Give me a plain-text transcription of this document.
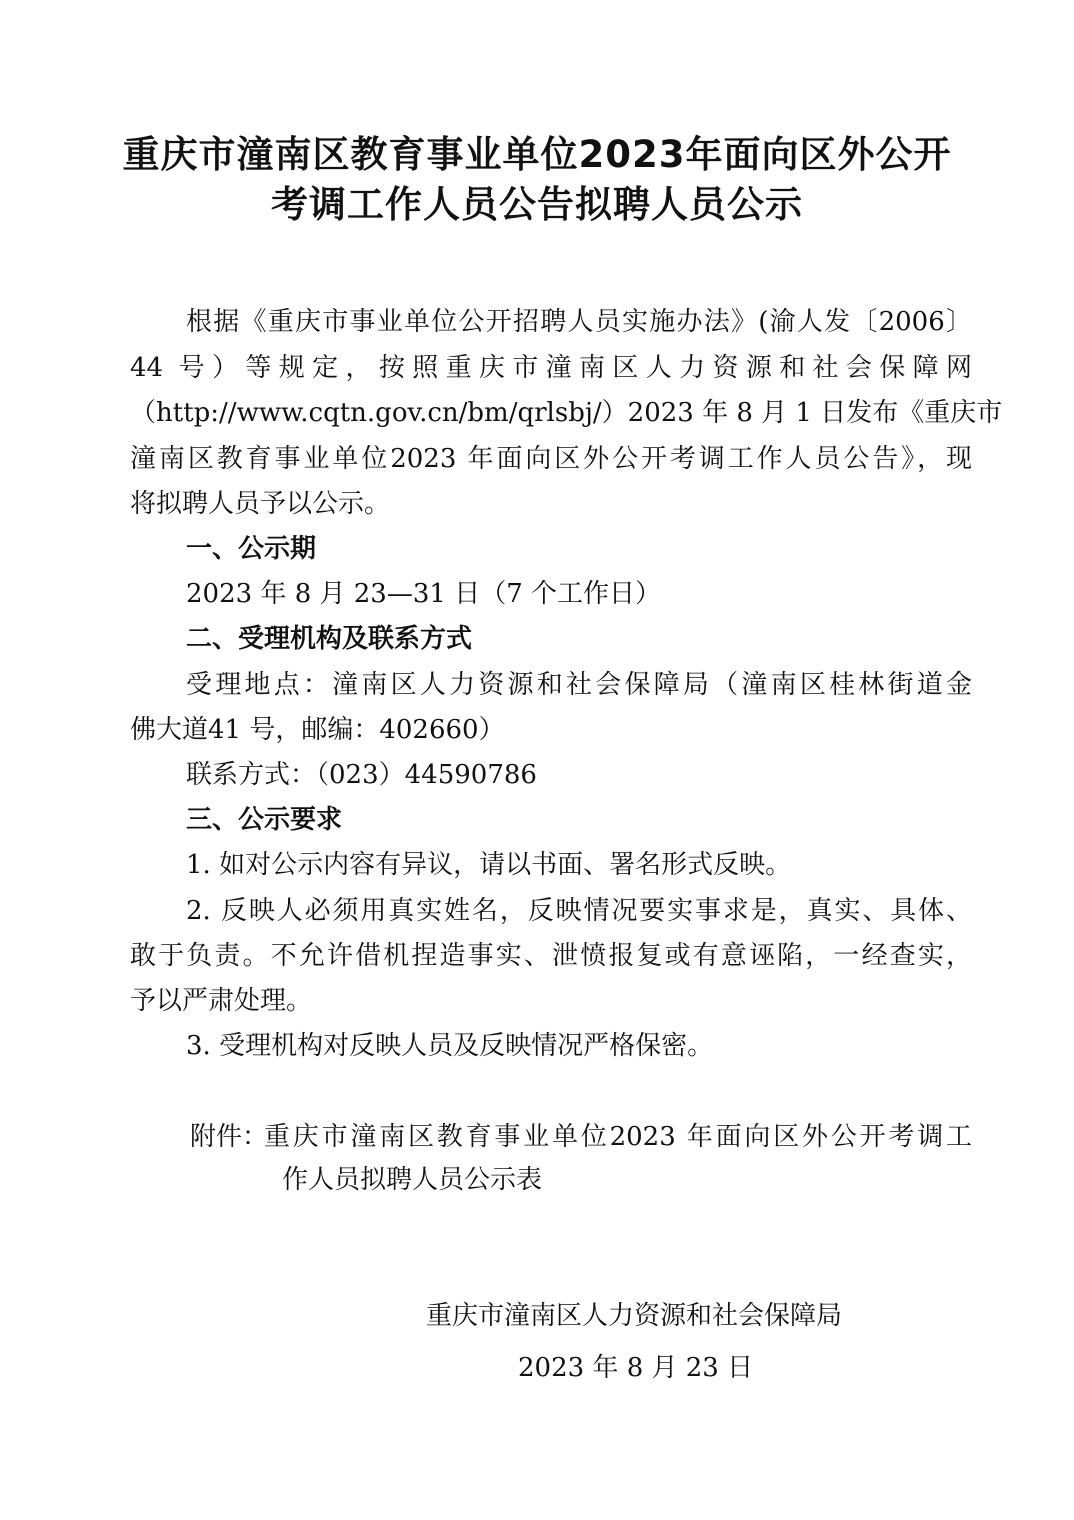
重庆市潼南区教育事业单位2023年面向区外公开
考调工作人员公告拟聘人员公示
根据《重庆市事业单位公开招聘人员实施办法》(渝人发〔2006〕
44 号）等规定，按照重庆市潼南区人力资源和社会保障网
（http://www.cqtn.gov.cn/bm/qrlsbj/）2023 年 8 月 1 日发布《重庆市
潼南区教育事业单位2023 年面向区外公开考调工作人员公告》，现
将拟聘人员予以公示。
一、公示期
2023 年 8 月 23—31 日（7 个工作日）
二、受理机构及联系方式
受理地点：潼南区人力资源和社会保障局（潼南区桂林街道金
佛大道41 号，邮编：402660）
联系方式：（023）44590786
三、公示要求
1. 如对公示内容有异议，请以书面、署名形式反映。
2. 反映人必须用真实姓名，反映情况要实事求是，真实、具体、
敢于负责。不允许借机捏造事实、泄愤报复或有意诬陷，一经查实，
予以严肃处理。
3. 受理机构对反映人员及反映情况严格保密。
附件：
重庆市潼南区教育事业单位2023 年面向区外公开考调工
作人员拟聘人员公示表
重庆市潼南区人力资源和社会保障局
2023 年 8 月 23 日
